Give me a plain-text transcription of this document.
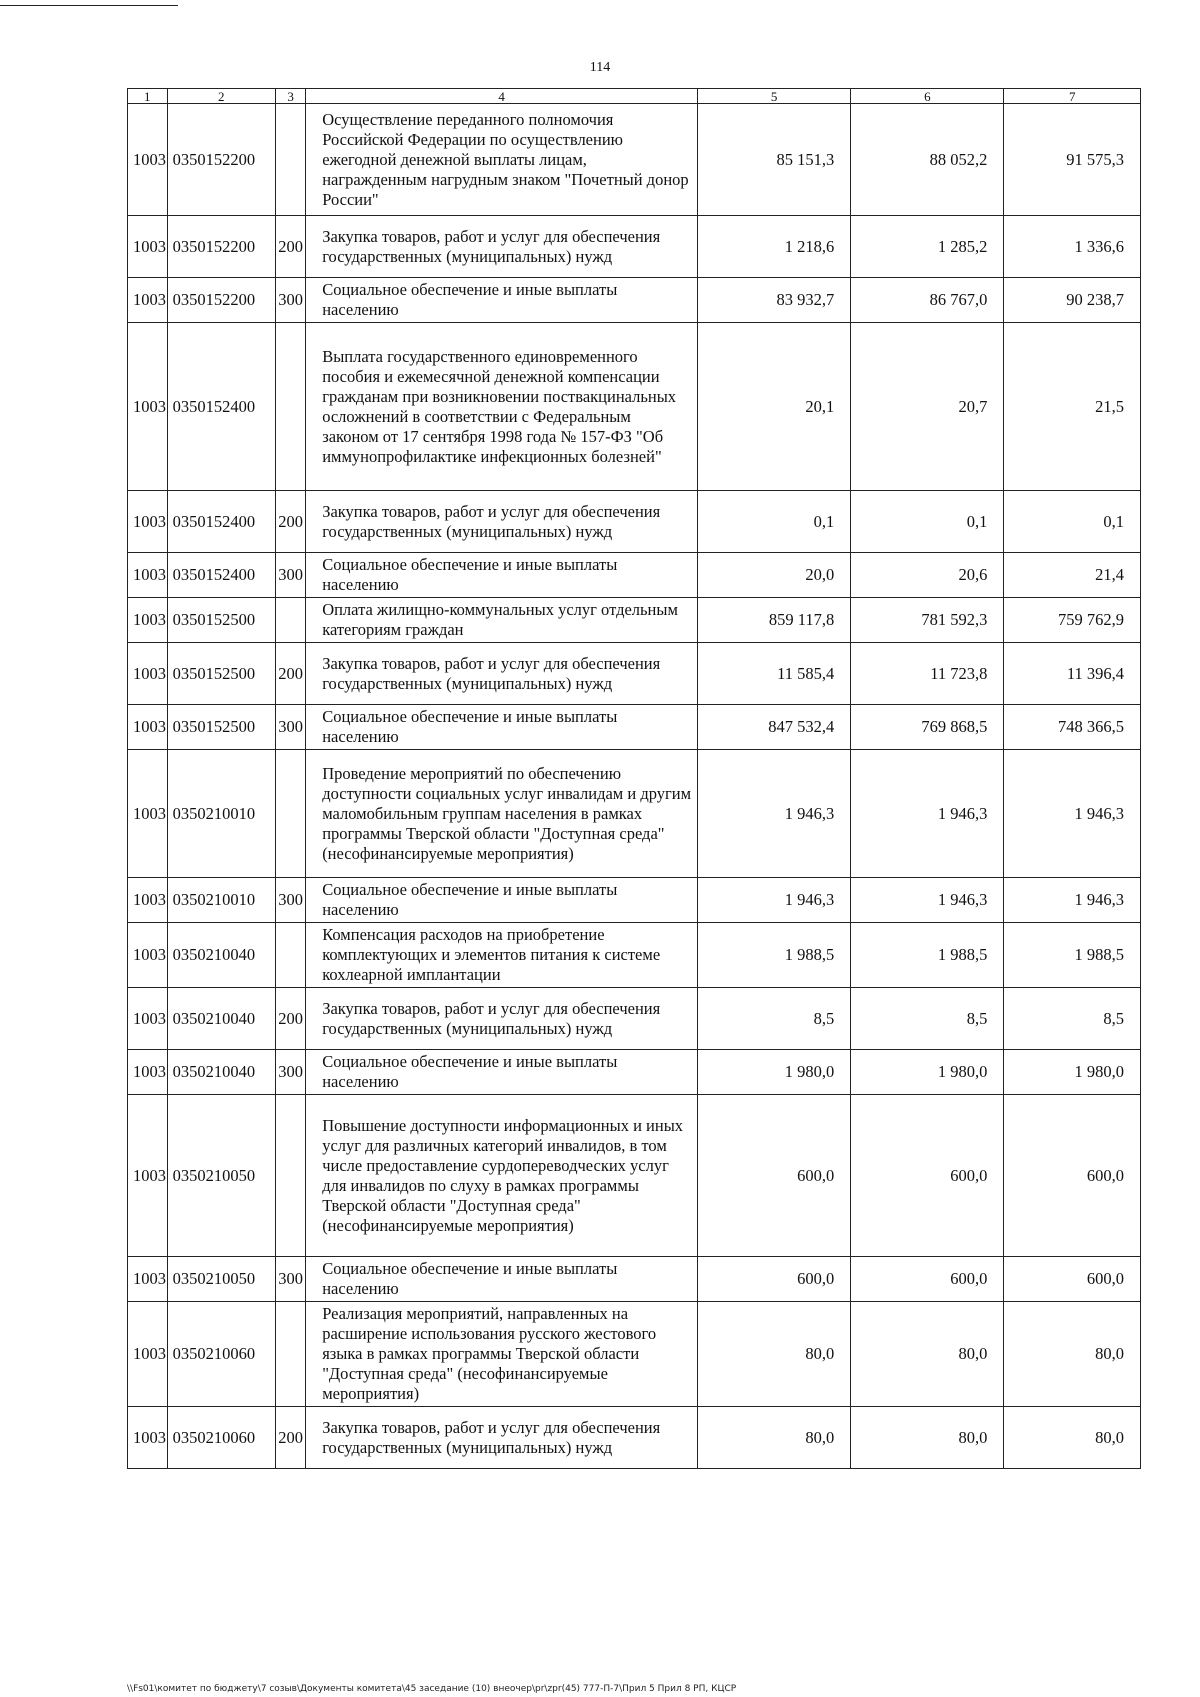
114
1	2	3	4	5	6	7
1003	0350152200		Осуществление переданного полномочия Российской Федерации по осуществлению ежегодной денежной выплаты лицам, награжденным нагрудным знаком "Почетный донор России"	85 151,3	88 052,2	91 575,3
1003	0350152200	200	Закупка товаров, работ и услуг для обеспечения государственных (муниципальных) нужд	1 218,6	1 285,2	1 336,6
1003	0350152200	300	Социальное обеспечение и иные выплаты населению	83 932,7	86 767,0	90 238,7
1003	0350152400		Выплата государственного единовременного пособия и ежемесячной денежной компенсации гражданам при возникновении поствакцинальных осложнений в соответствии с Федеральным законом от 17 сентября 1998 года № 157-ФЗ "Об иммунопрофилактике инфекционных болезней"	20,1	20,7	21,5
1003	0350152400	200	Закупка товаров, работ и услуг для обеспечения государственных (муниципальных) нужд	0,1	0,1	0,1
1003	0350152400	300	Социальное обеспечение и иные выплаты населению	20,0	20,6	21,4
1003	0350152500		Оплата жилищно-коммунальных услуг отдельным категориям граждан	859 117,8	781 592,3	759 762,9
1003	0350152500	200	Закупка товаров, работ и услуг для обеспечения государственных (муниципальных) нужд	11 585,4	11 723,8	11 396,4
1003	0350152500	300	Социальное обеспечение и иные выплаты населению	847 532,4	769 868,5	748 366,5
1003	0350210010		Проведение мероприятий по обеспечению доступности социальных услуг инвалидам и другим маломобильным группам населения в рамках программы Тверской области "Доступная среда" (несофинансируемые мероприятия)	1 946,3	1 946,3	1 946,3
1003	0350210010	300	Социальное обеспечение и иные выплаты населению	1 946,3	1 946,3	1 946,3
1003	0350210040		Компенсация расходов на приобретение комплектующих и элементов питания к системе кохлеарной имплантации	1 988,5	1 988,5	1 988,5
1003	0350210040	200	Закупка товаров, работ и услуг для обеспечения государственных (муниципальных) нужд	8,5	8,5	8,5
1003	0350210040	300	Социальное обеспечение и иные выплаты населению	1 980,0	1 980,0	1 980,0
1003	0350210050		Повышение доступности информационных и иных услуг для различных категорий инвалидов, в том числе предоставление сурдопереводческих услуг для инвалидов по слуху в рамках программы Тверской области "Доступная среда" (несофинансируемые мероприятия)	600,0	600,0	600,0
1003	0350210050	300	Социальное обеспечение и иные выплаты населению	600,0	600,0	600,0
1003	0350210060		Реализация мероприятий, направленных на расширение использования русского жестового языка в рамках программы Тверской области "Доступная среда" (несофинансируемые мероприятия)	80,0	80,0	80,0
1003	0350210060	200	Закупка товаров, работ и услуг для обеспечения государственных (муниципальных) нужд	80,0	80,0	80,0
\\Fs01\комитет по бюджету\7 созыв\Документы комитета\45 заседание (10) внеочер\pr\zpr(45) 777-П-7\Прил 5 Прил 8 РП, КЦСР
